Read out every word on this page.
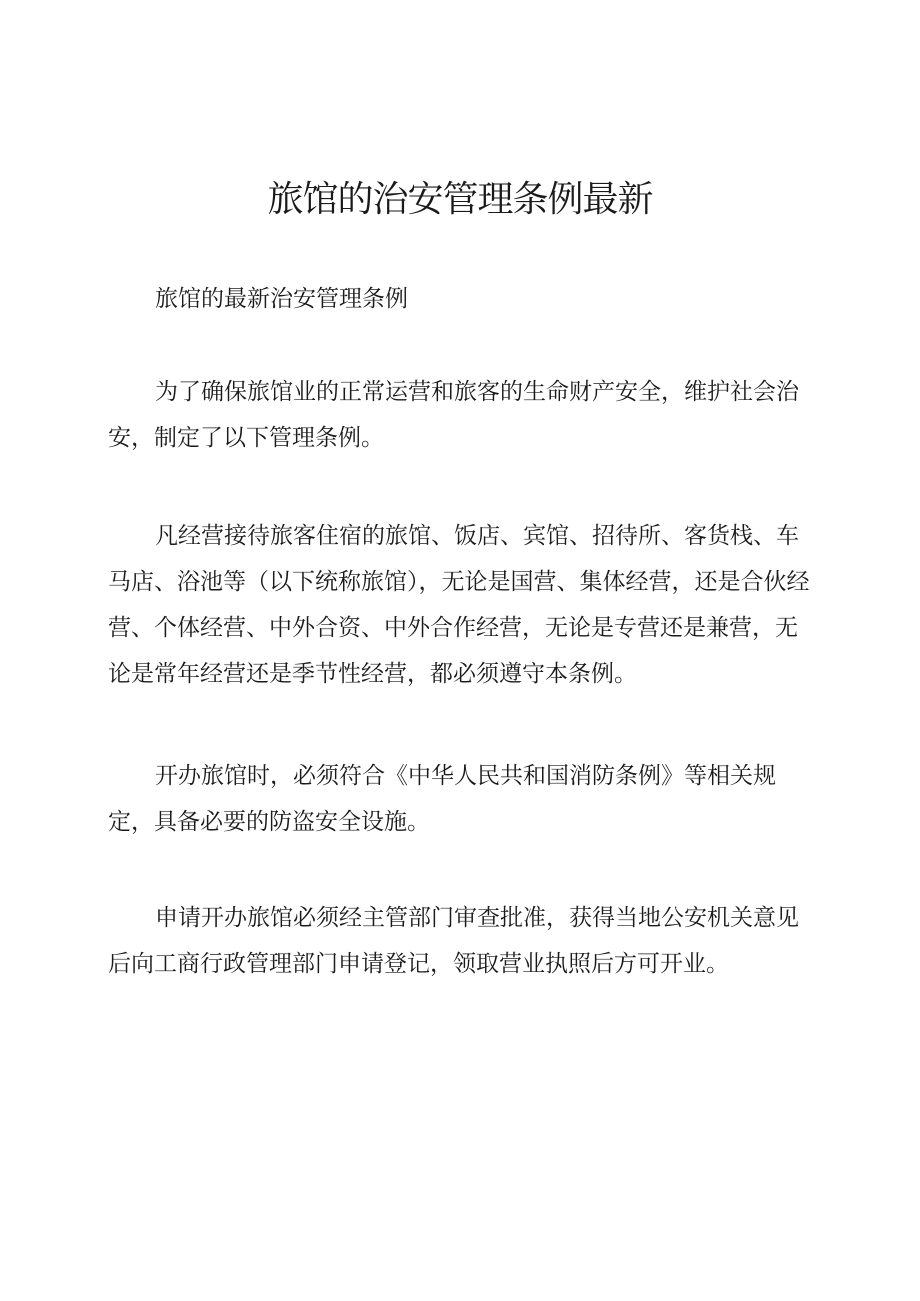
旅馆的治安管理条例最新

旅馆的最新治安管理条例

为了确保旅馆业的正常运营和旅客的生命财产安全，维护社会治安，制定了以下管理条例。

凡经营接待旅客住宿的旅馆、饭店、宾馆、招待所、客货栈、车马店、浴池等（以下统称旅馆），无论是国营、集体经营，还是合伙经营、个体经营、中外合资、中外合作经营，无论是专营还是兼营，无论是常年经营还是季节性经营，都必须遵守本条例。

开办旅馆时，必须符合《中华人民共和国消防条例》等相关规定，具备必要的防盗安全设施。

申请开办旅馆必须经主管部门审查批准，获得当地公安机关意见后向工商行政管理部门申请登记，领取营业执照后方可开业。
